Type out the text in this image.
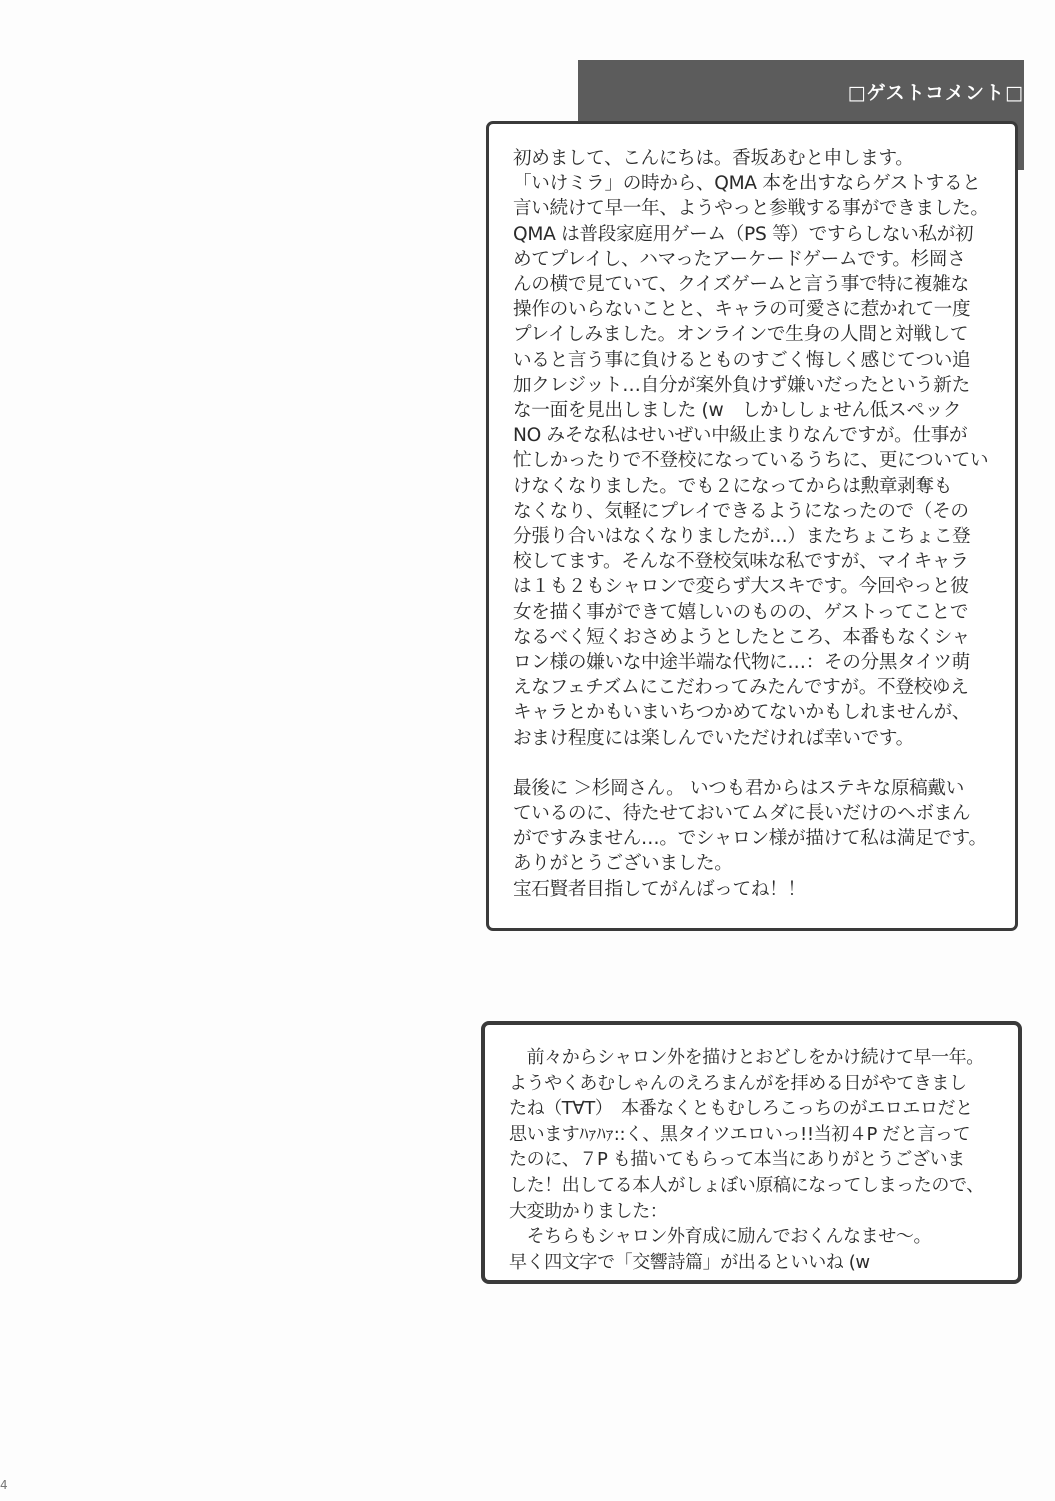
□ゲストコメント□

初めまして、こんにちは。香坂あむと申します。
「いけミラ」の時から、QMA 本を出すならゲストすると
言い続けて早一年、ようやっと参戦する事ができました。
QMA は普段家庭用ゲーム（PS 等）ですらしない私が初
めてプレイし、ハマったアーケードゲームです。杉岡さ
んの横で見ていて、クイズゲームと言う事で特に複雑な
操作のいらないことと、キャラの可愛さに惹かれて一度
プレイしみました。オンラインで生身の人間と対戦して
いると言う事に負けるとものすごく悔しく感じてつい追
加クレジット…自分が案外負けず嫌いだったという新た
な一面を見出しました (w　しかししょせん低スペック
NO みそな私はせいぜい中級止まりなんですが。仕事が
忙しかったりで不登校になっているうちに、更についてい
けなくなりました。でも２になってからは勲章剥奪も
なくなり、気軽にプレイできるようになったので（その
分張り合いはなくなりましたが…）またちょこちょこ登
校してます。そんな不登校気味な私ですが、マイキャラ
は１も２もシャロンで変らず大スキです。今回やっと彼
女を描く事ができて嬉しいのものの、ゲストってことで
なるべく短くおさめようとしたところ、本番もなくシャ
ロン様の嫌いな中途半端な代物に…：その分黒タイツ萌
えなフェチズムにこだわってみたんですが。不登校ゆえ
キャラとかもいまいちつかめてないかもしれませんが、
おまけ程度には楽しんでいただければ幸いです。

最後に ＞杉岡さん。 いつも君からはステキな原稿戴い
ているのに、待たせておいてムダに長いだけのヘボまん
がですみません…。でシャロン様が描けて私は満足です。
ありがとうございました。
宝石賢者目指してがんばってね！！

　前々からシャロン外を描けとおどしをかけ続けて早一年。
ようやくあむしゃんのえろまんがを拝める日がやてきまし
たね（T∀T）　本番なくともむしろこっちのがエロエロだと
思いますﾊｧﾊｧ::く、黒タイツエロいっ!!当初４P だと言って
たのに、７P も描いてもらって本当にありがとうございま
した！出してる本人がしょぼい原稿になってしまったので、
大変助かりました：
　そちらもシャロン外育成に励んでおくんなませ〜。
早く四文字で「交響詩篇」が出るといいね (w

4
